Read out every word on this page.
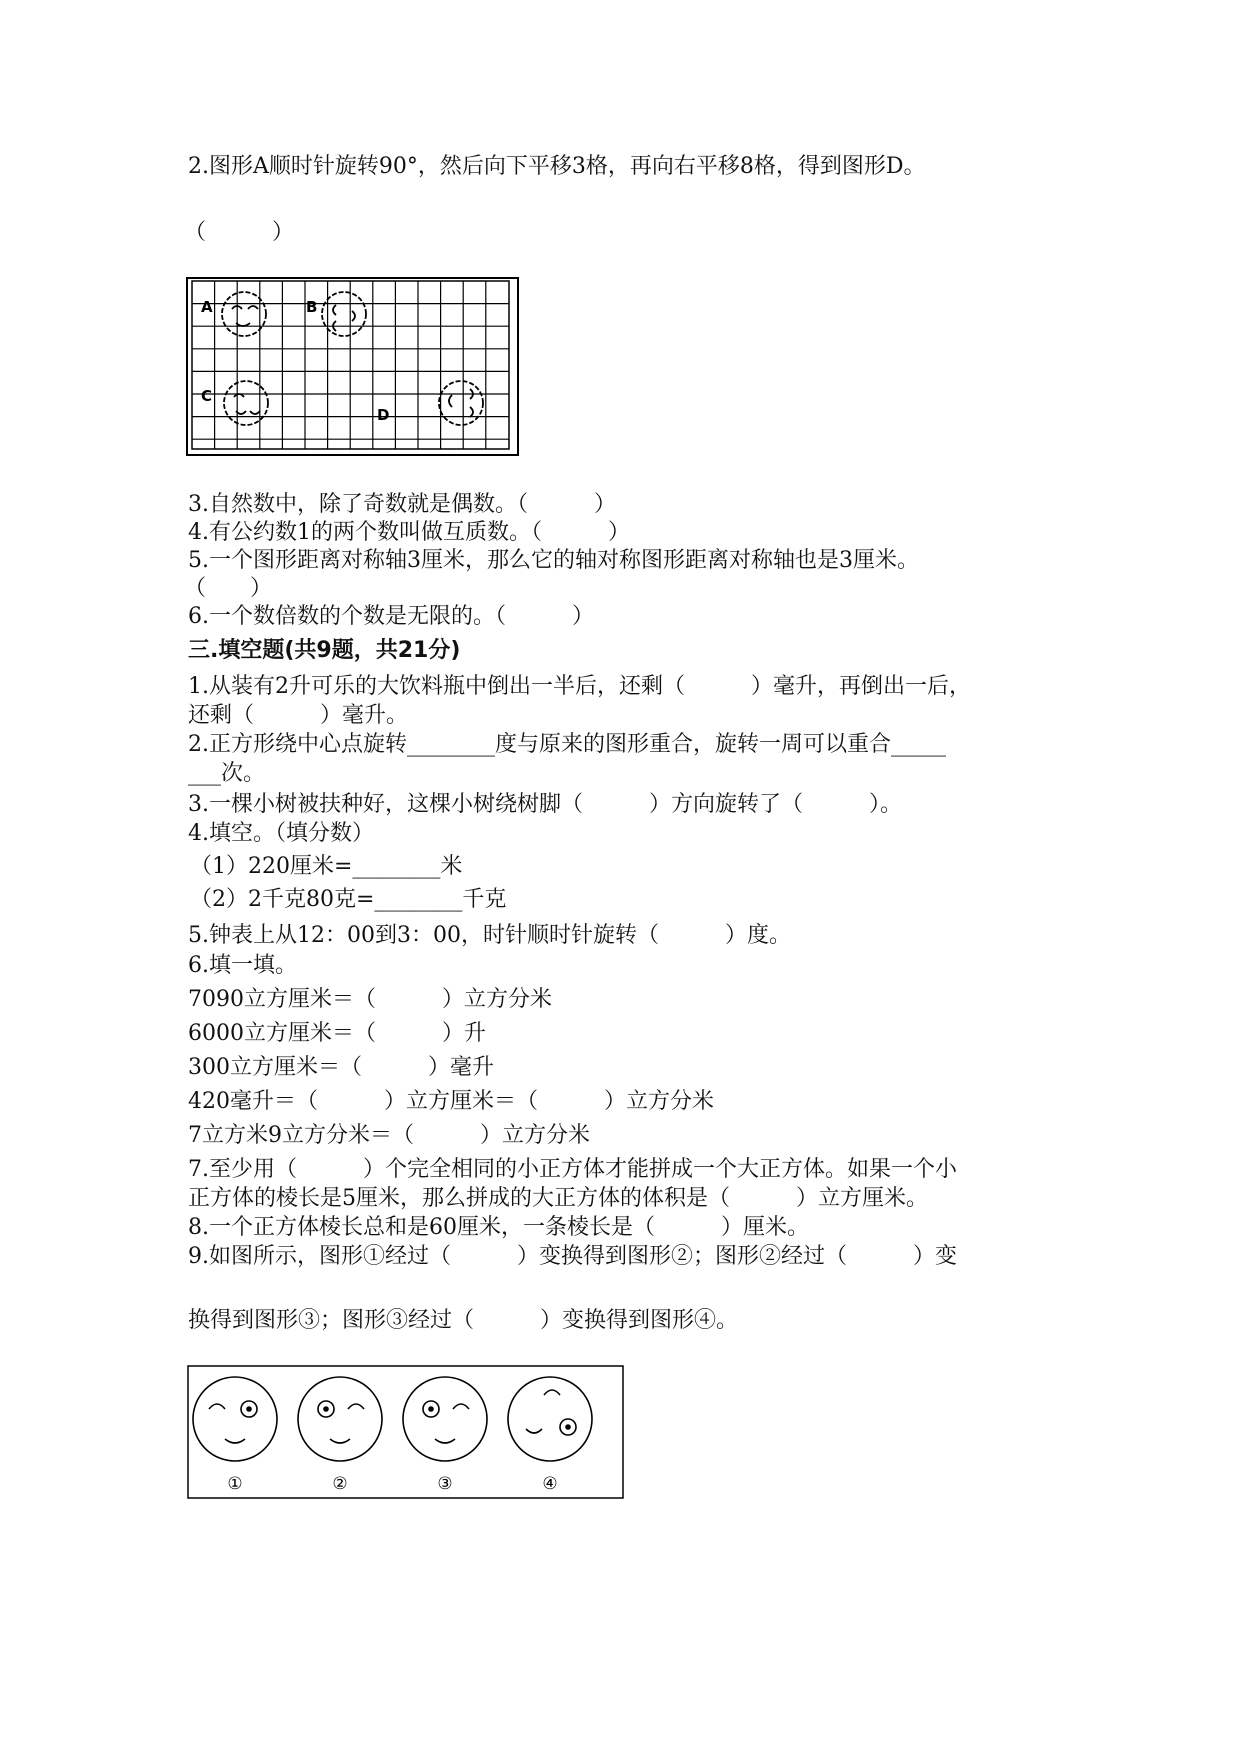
2.图形A顺时针旋转90°，然后向下平移3格，再向右平移8格，得到图形D。
（　　　）
A	B
C
D
3.自然数中，除了奇数就是偶数。（　　　）
4.有公约数1的两个数叫做互质数。（　　　）
5.一个图形距离对称轴3厘米，那么它的轴对称图形距离对称轴也是3厘米。
（　　）
6.一个数倍数的个数是无限的。（　　　）
三.填空题(共9题，共21分)
1.从装有2升可乐的大饮料瓶中倒出一半后，还剩（　　　）毫升，再倒出一后，
还剩（　　　）毫升。
2.正方形绕中心点旋转________度与原来的图形重合，旋转一周可以重合_____
___次。
3.一棵小树被扶种好，这棵小树绕树脚（　　　）方向旋转了（　　　）。
4.填空。（填分数）
（1）220厘米=________米
（2）2千克80克=________千克
5.钟表上从12：00到3：00，时针顺时针旋转（　　　）度。
6.填一填。
7090立方厘米＝（　　　）立方分米
6000立方厘米＝（　　　）升
300立方厘米＝（　　　）毫升
420毫升＝（　　　）立方厘米＝（　　　）立方分米
7立方米9立方分米＝（　　　）立方分米
7.至少用（　　　）个完全相同的小正方体才能拼成一个大正方体。如果一个小
正方体的棱长是5厘米，那么拼成的大正方体的体积是（　　　）立方厘米。
8.一个正方体棱长总和是60厘米，一条棱长是（　　　）厘米。
9.如图所示，图形①经过（　　　）变换得到图形②；图形②经过（　　　）变
换得到图形③；图形③经过（　　　）变换得到图形④。
①	②	③	④
